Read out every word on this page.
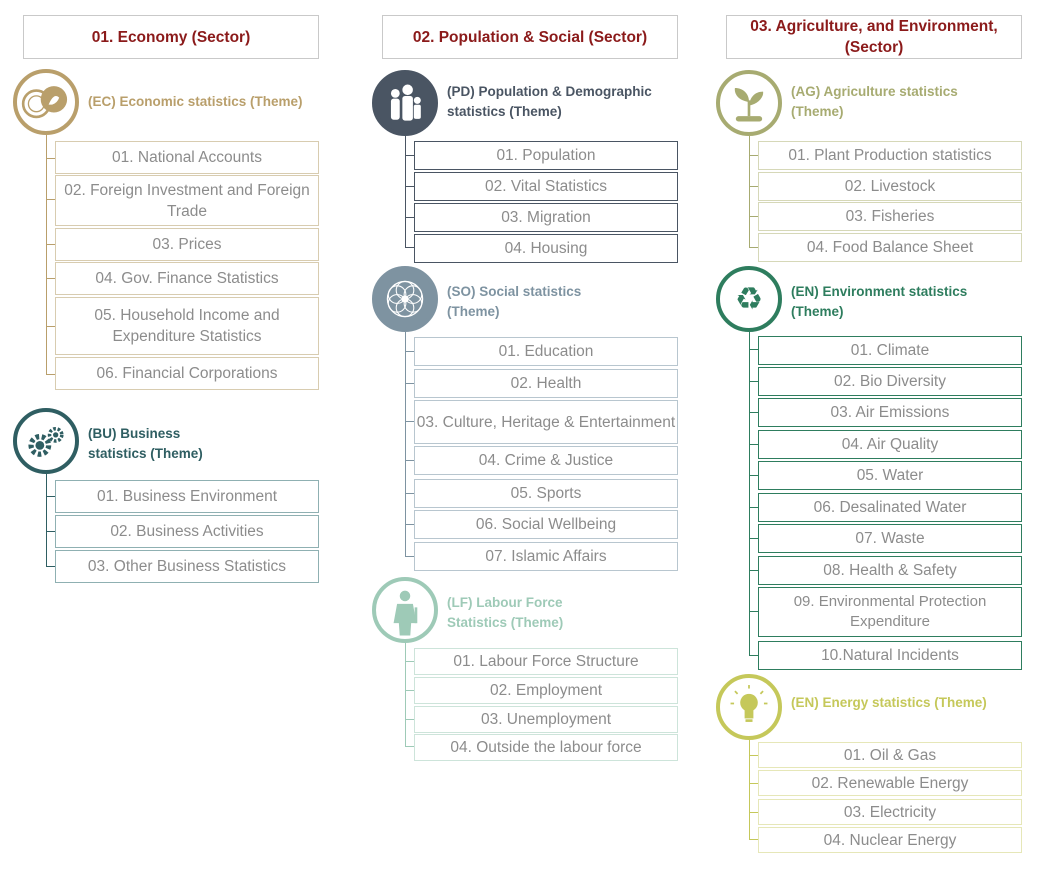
01. Economy (Sector)	02. Population & Social (Sector)
03. Agriculture, and Environment,
(Sector)
(EC) Economic statistics (Theme)
01. National Accounts
02. Foreign Investment and Foreign Trade
03. Prices
04. Gov. Finance Statistics
05. Household Income and Expenditure Statistics
06. Financial Corporations
(BU) Business
statistics (Theme)
01. Business Environment
02. Business Activities
03. Other Business Statistics
(PD) Population & Demographic
statistics (Theme)
01. Population
02. Vital Statistics
03. Migration
04. Housing
(SO) Social statistics
(Theme)
01. Education
02. Health
03. Culture, Heritage & Entertainment
04. Crime & Justice
05. Sports
06. Social Wellbeing
07. Islamic Affairs
(LF) Labour Force
Statistics (Theme)
01. Labour Force Structure
02. Employment
03. Unemployment
04. Outside the labour force
(AG) Agriculture statistics
(Theme)
01. Plant Production statistics
02. Livestock
03. Fisheries
04. Food Balance Sheet
♻ (EN) Environment statistics
(Theme)
01. Climate
02. Bio Diversity
03. Air Emissions
04. Air Quality
05. Water
06. Desalinated Water
07. Waste
08. Health & Safety
09. Environmental Protection Expenditure
10.Natural Incidents
(EN) Energy statistics (Theme)
01. Oil & Gas
02. Renewable Energy
03. Electricity
04. Nuclear Energy
